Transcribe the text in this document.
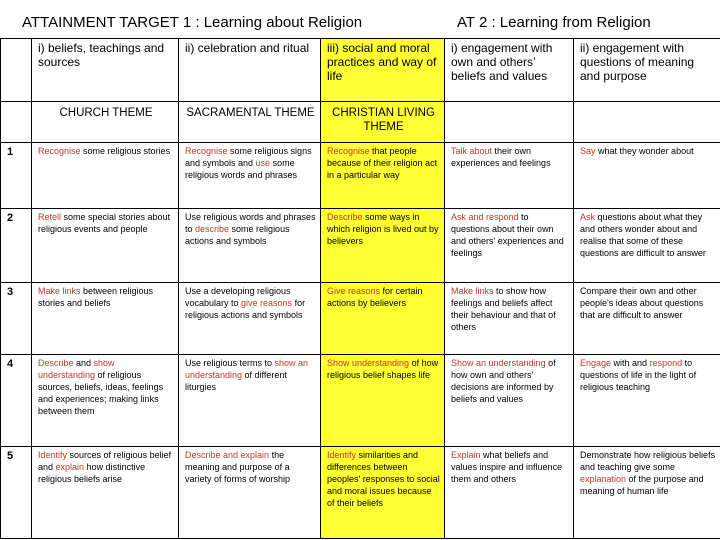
ATTAINMENT TARGET 1 : Learning about Religion	AT 2 : Learning from Religion
	i) beliefs, teachings and sources	ii) celebration and ritual	iii) social and moral practices and way of life	i) engagement with own and others’ beliefs and values	ii) engagement with questions of meaning and purpose
	CHURCH THEME	SACRAMENTAL THEME	CHRISTIAN LIVING THEME		
1	Recognise some religious stories	Recognise some religious signs and symbols and use some religious words and phrases	Recognise that people because of their religion act in a particular way	Talk about their own experiences and feelings	Say what they wonder about
2	Retell some special stories about religious events and people	Use religious words and phrases to describe some religious actions and symbols	Describe some ways in which religion is lived out by believers	Ask and respond to questions about their own and others' experiences and feelings	Ask questions about what they and others wonder about and realise that some of these questions are difficult to answer
3	Make links between religious stories and beliefs	Use a developing religious vocabulary to give reasons for religious actions and symbols	Give reasons for certain actions by believers	Make links to show how feelings and beliefs affect their behaviour and that of others	Compare their own and other people's ideas about questions that are difficult to answer
4	Describe and show understanding of religious sources, beliefs, ideas, feelings and experiences; making links between them	Use religious terms to show an understanding of different liturgies	Show understanding of how religious belief shapes life	Show an understanding of how own and others' decisions are informed by beliefs and values	Engage with and respond to questions of life in the light of religious teaching
5	Identify sources of religious belief and explain how distinctive religious beliefs arise	Describe and explain the meaning and purpose of a variety of forms of worship	Identify similarities and differences between peoples' responses to social and moral issues because of their beliefs	Explain what beliefs and values inspire and influence them and others	Demonstrate how religious beliefs and teaching give some explanation of the purpose and meaning of human life
